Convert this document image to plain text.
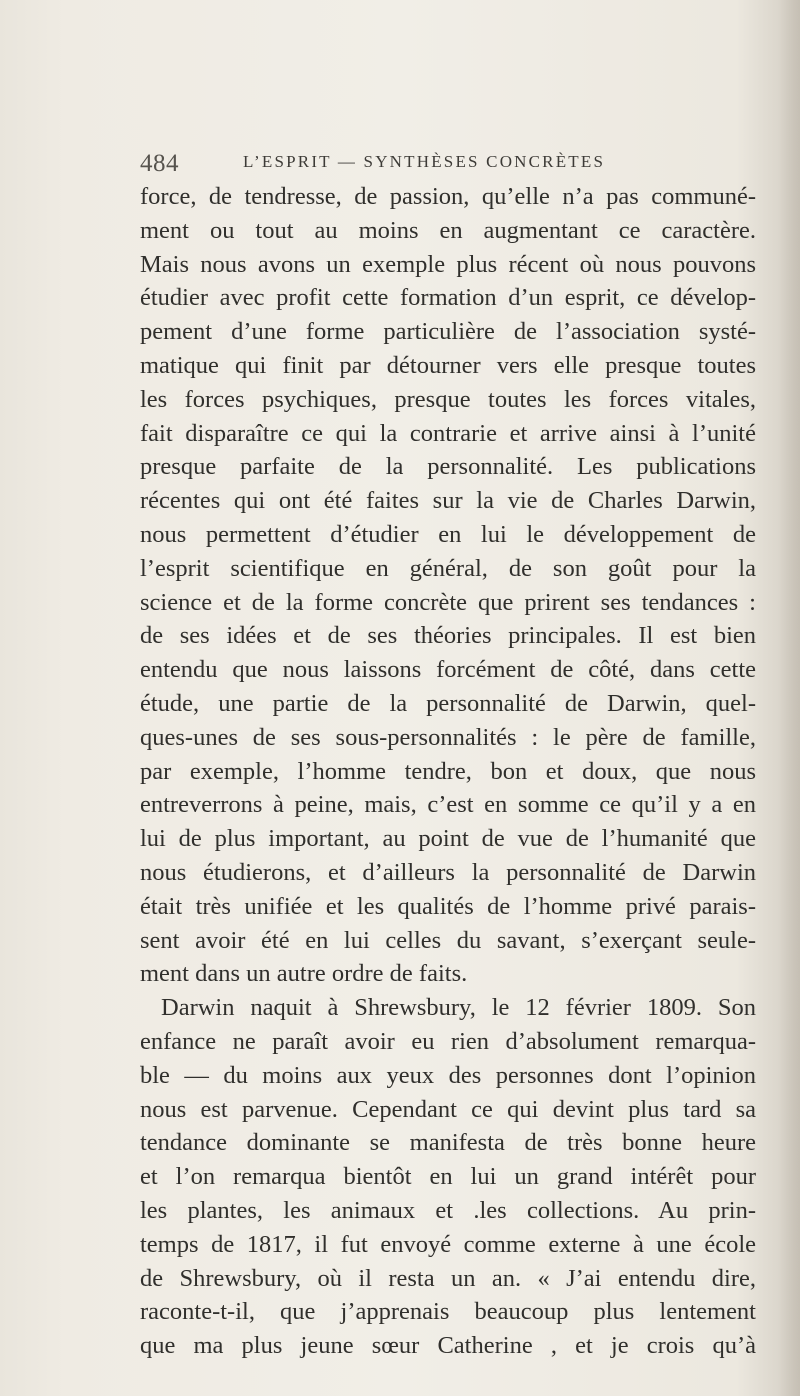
484	L’ESPRIT — SYNTHÈSES CONCRÈTES
force, de tendresse, de passion, qu’elle n’a pas communé-
ment ou tout au moins en augmentant ce caractère.
Mais nous avons un exemple plus récent où nous pouvons
étudier avec profit cette formation d’un esprit, ce dévelop-
pement d’une forme particulière de l’association systé-
matique qui finit par détourner vers elle presque toutes
les forces psychiques, presque toutes les forces vitales,
fait disparaître ce qui la contrarie et arrive ainsi à l’unité
presque parfaite de la personnalité. Les publications
récentes qui ont été faites sur la vie de Charles Darwin,
nous permettent d’étudier en lui le développement de
l’esprit scientifique en général, de son goût pour la
science et de la forme concrète que prirent ses tendances :
de ses idées et de ses théories principales. Il est bien
entendu que nous laissons forcément de côté, dans cette
étude, une partie de la personnalité de Darwin, quel-
ques-unes de ses sous-personnalités : le père de famille,
par exemple, l’homme tendre, bon et doux, que nous
entreverrons à peine, mais, c’est en somme ce qu’il y a en
lui de plus important, au point de vue de l’humanité que
nous étudierons, et d’ailleurs la personnalité de Darwin
était très unifiée et les qualités de l’homme privé parais-
sent avoir été en lui celles du savant, s’exerçant seule-
ment dans un autre ordre de faits.
Darwin naquit à Shrewsbury, le 12 février 1809. Son
enfance ne paraît avoir eu rien d’absolument remarqua-
ble — du moins aux yeux des personnes dont l’opinion
nous est parvenue. Cependant ce qui devint plus tard sa
tendance dominante se manifesta de très bonne heure
et l’on remarqua bientôt en lui un grand intérêt pour
les plantes, les animaux et .les collections. Au prin-
temps de 1817, il fut envoyé comme externe à une école
de Shrewsbury, où il resta un an. « J’ai entendu dire,
raconte-t-il, que j’apprenais beaucoup plus lentement
que ma plus jeune sœur Catherine , et je crois qu’à
